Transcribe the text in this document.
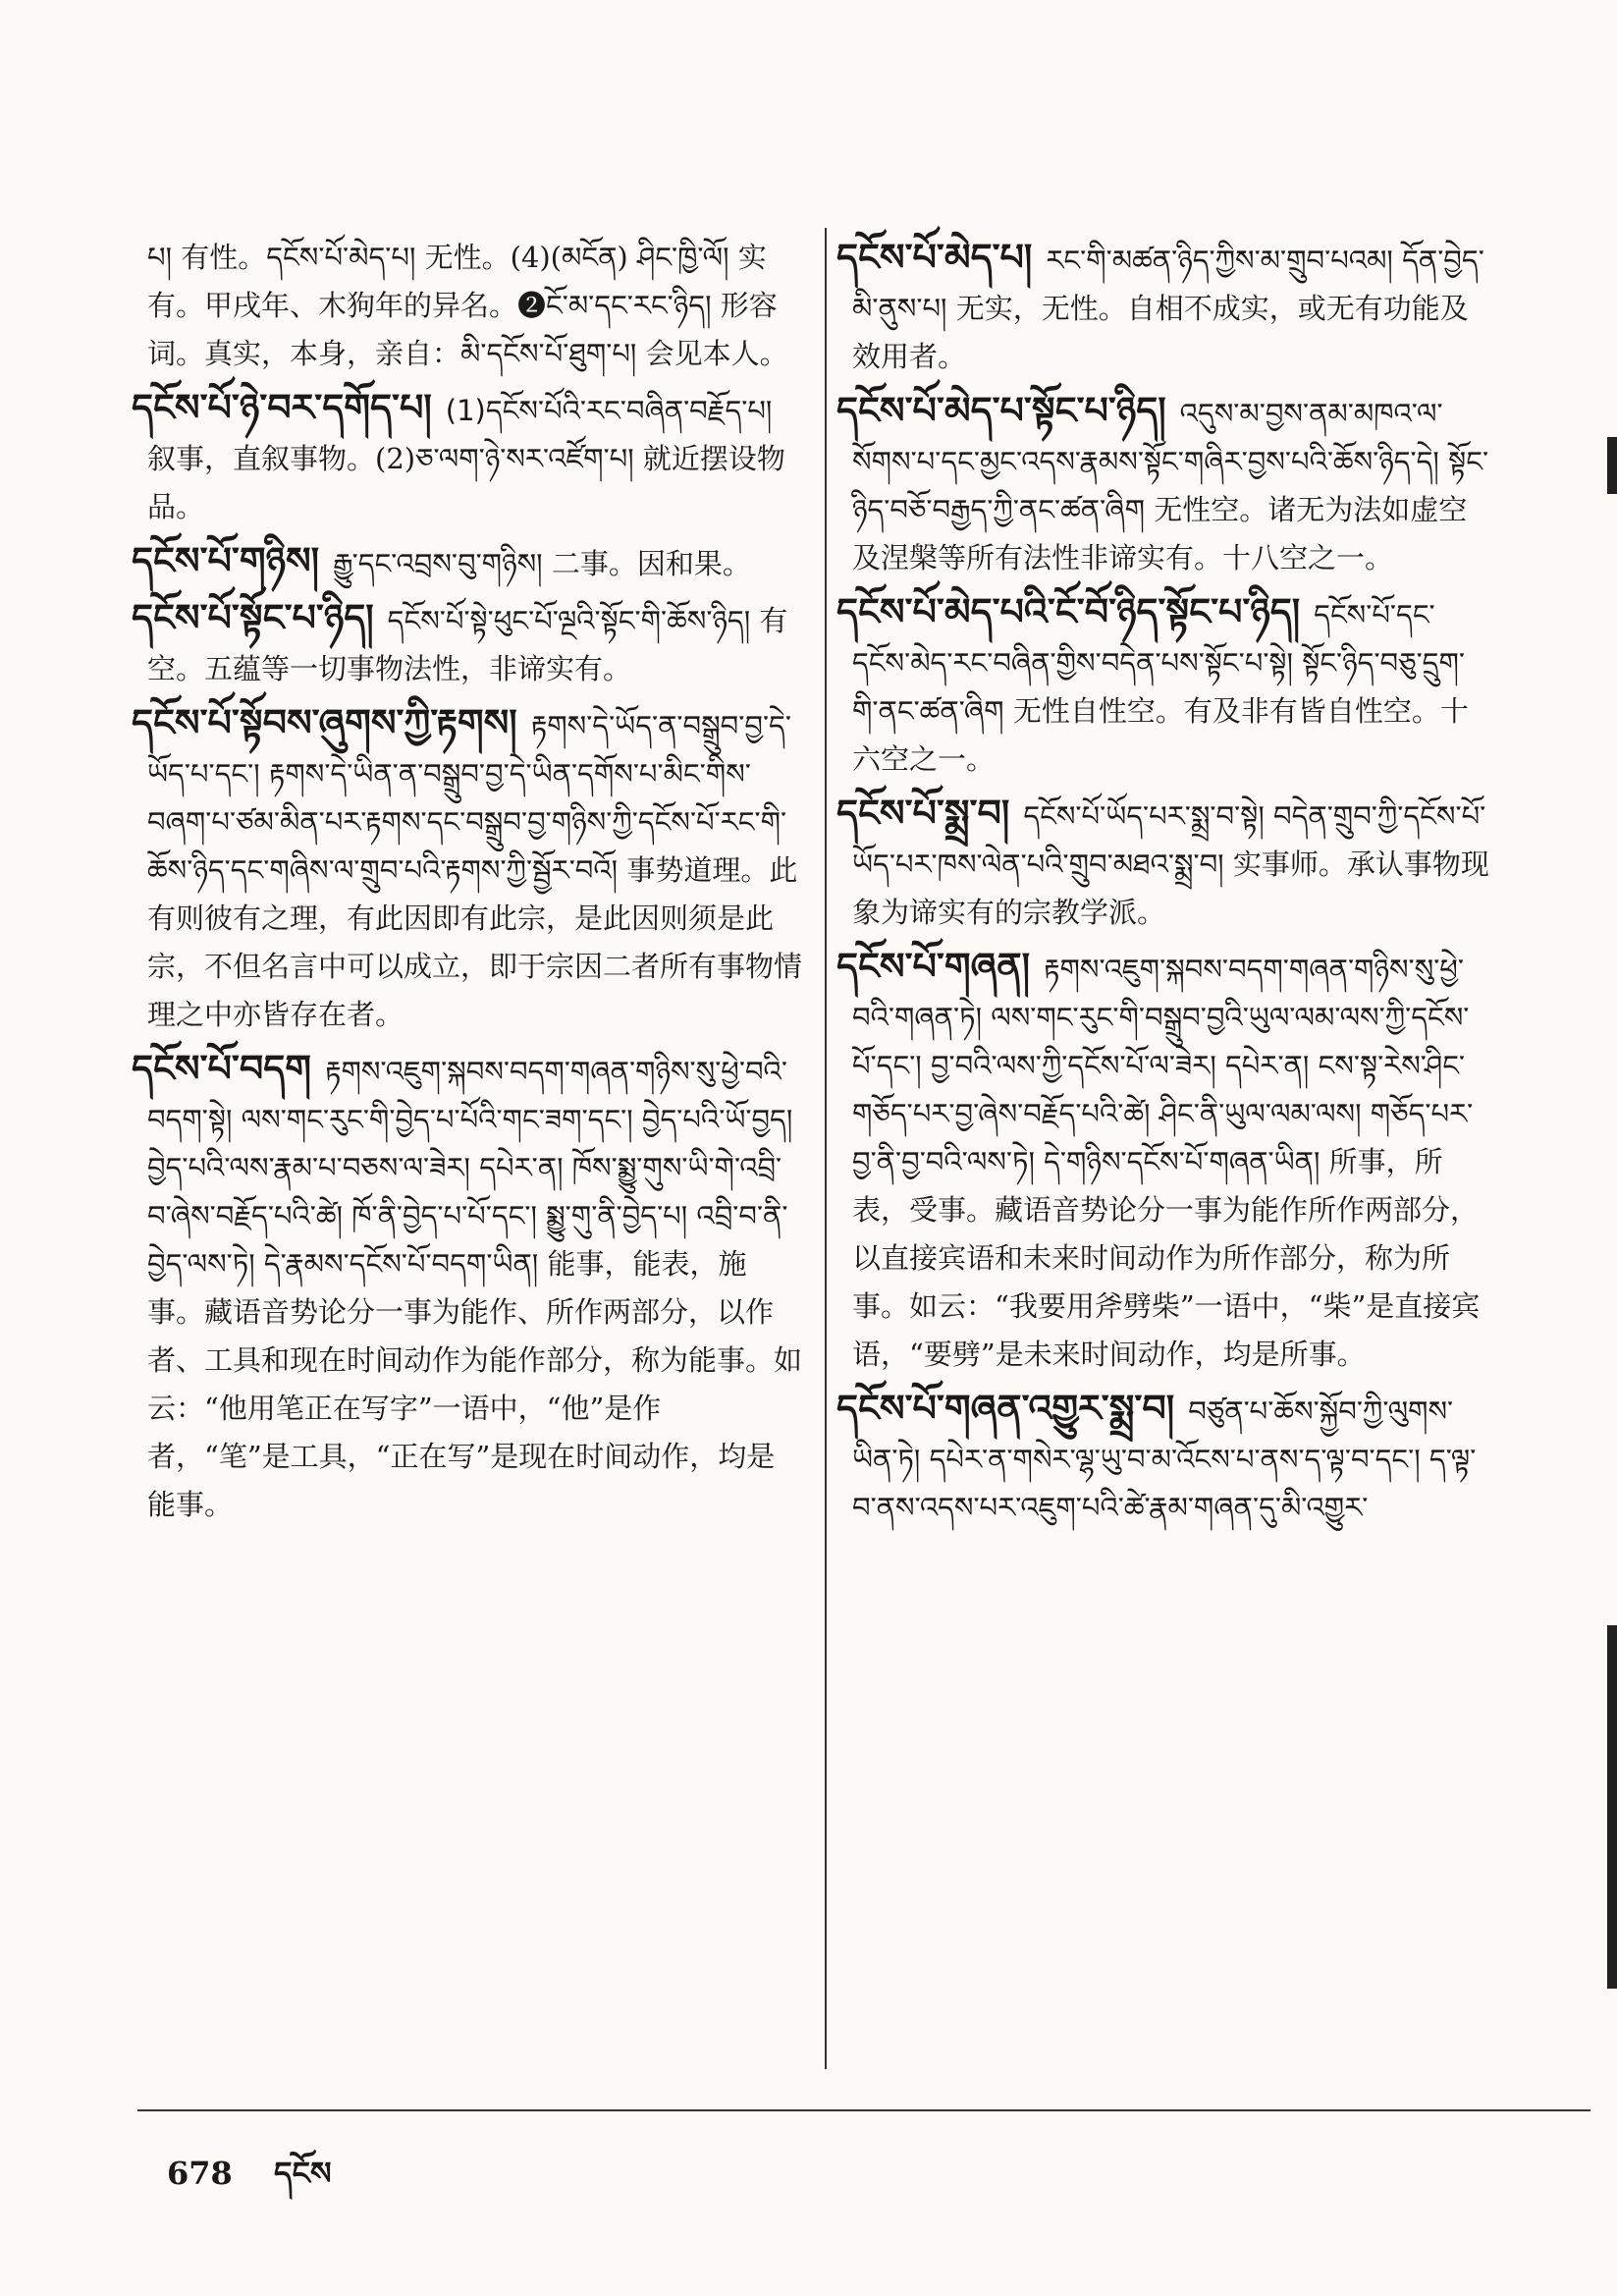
པ། 有性。དངོས་པོ་མེད་པ། 无性。(4)(མངོན) ཤིང་ཁྱི་ལོ། 实有。甲戌年、木狗年的异名。❷ངོ་མ་དང་རང་ཉིད། 形容词。真实，本身，亲自：མི་དངོས་པོ་ཐུག་པ། 会见本人。
དངོས་པོ་ཉེ་བར་དགོད་པ། (1)དངོས་པོའི་རང་བཞིན་བརྗོད་པ། 叙事，直叙事物。(2)ཅ་ལག་ཉེ་སར་འཛོག་པ། 就近摆设物品。
དངོས་པོ་གཉིས། རྒྱུ་དང་འབྲས་བུ་གཉིས། 二事。因和果。
དངོས་པོ་སྟོང་པ་ཉིད། དངོས་པོ་སྟེ་ཕུང་པོ་ལྔའི་སྟོང་གི་ཆོས་ཉིད། 有空。五蕴等一切事物法性，非谛实有。
དངོས་པོ་སྟོབས་ཞུགས་ཀྱི་རྟགས། རྟགས་དེ་ཡོད་ན་བསྒྲུབ་བྱ་དེ་ཡོད་པ་དང་། རྟགས་དེ་ཡིན་ན་བསྒྲུབ་བྱ་དེ་ཡིན་དགོས་པ་མིང་གིས་བཞག་པ་ཙམ་མིན་པར་རྟགས་དང་བསྒྲུབ་བྱ་གཉིས་ཀྱི་དངོས་པོ་རང་གི་ཆོས་ཉིད་དང་གཞིས་ལ་གྲུབ་པའི་རྟགས་ཀྱི་སྦྱོར་བའོ། 事势道理。此有则彼有之理，有此因即有此宗，是此因则须是此宗，不但名言中可以成立，即于宗因二者所有事物情理之中亦皆存在者。
དངོས་པོ་བདག རྟགས་འཇུག་སྐབས་བདག་གཞན་གཉིས་སུ་ཕྱེ་བའི་བདག་སྟེ། ལས་གང་རུང་གི་བྱེད་པ་པོའི་གང་ཟག་དང་། བྱེད་པའི་ཡོ་བྱད། བྱེད་པའི་ལས་རྣམ་པ་བཅས་ལ་ཟེར། དཔེར་ན། ཁོས་སྨྱུ་གུས་ཡི་གེ་འབྲི་བ་ཞེས་བརྗོད་པའི་ཚེ། ཁོ་ནི་བྱེད་པ་པོ་དང་། སྨྱུ་གུ་ནི་བྱེད་པ། འབྲི་བ་ནི་བྱེད་ལས་ཏེ། དེ་རྣམས་དངོས་པོ་བདག་ཡིན། 能事，能表，施事。藏语音势论分一事为能作、所作两部分，以作者、工具和现在时间动作为能作部分，称为能事。如云：“他用笔正在写字”一语中，“他”是作者，“笔”是工具，“正在写”是现在时间动作，均是能事。
དངོས་པོ་མེད་པ། རང་གི་མཚན་ཉིད་ཀྱིས་མ་གྲུབ་པའམ། དོན་བྱེད་མི་ནུས་པ། 无实，无性。自相不成实，或无有功能及效用者。
དངོས་པོ་མེད་པ་སྟོང་པ་ཉིད། འདུས་མ་བྱས་ནམ་མཁའ་ལ་སོགས་པ་དང་མྱང་འདས་རྣམས་སྟོང་གཞིར་བྱས་པའི་ཆོས་ཉིད་དེ། སྟོང་ཉིད་བཅོ་བརྒྱད་ཀྱི་ནང་ཚན་ཞིག 无性空。诸无为法如虚空及涅槃等所有法性非谛实有。十八空之一。
དངོས་པོ་མེད་པའི་ངོ་བོ་ཉིད་སྟོང་པ་ཉིད། དངོས་པོ་དང་དངོས་མེད་རང་བཞིན་གྱིས་བདེན་པས་སྟོང་པ་སྟེ། སྟོང་ཉིད་བཅུ་དྲུག་གི་ནང་ཚན་ཞིག 无性自性空。有及非有皆自性空。十六空之一。
དངོས་པོ་སྨྲ་བ། དངོས་པོ་ཡོད་པར་སྨྲ་བ་སྟེ། བདེན་གྲུབ་ཀྱི་དངོས་པོ་ཡོད་པར་ཁས་ལེན་པའི་གྲུབ་མཐའ་སྨྲ་བ། 实事师。承认事物现象为谛实有的宗教学派。
དངོས་པོ་གཞན། རྟགས་འཇུག་སྐབས་བདག་གཞན་གཉིས་སུ་ཕྱེ་བའི་གཞན་ཏེ། ལས་གང་རུང་གི་བསྒྲུབ་བྱའི་ཡུལ་ལམ་ལས་ཀྱི་དངོས་པོ་དང་། བྱ་བའི་ལས་ཀྱི་དངོས་པོ་ལ་ཟེར། དཔེར་ན། ངས་སྟ་རེས་ཤིང་གཅོད་པར་བྱ་ཞེས་བརྗོད་པའི་ཚེ། ཤིང་ནི་ཡུལ་ལམ་ལས། གཅོད་པར་བྱ་ནི་བྱ་བའི་ལས་ཏེ། དེ་གཉིས་དངོས་པོ་གཞན་ཡིན། 所事，所表，受事。藏语音势论分一事为能作所作两部分，以直接宾语和未来时间动作为所作部分，称为所事。如云：“我要用斧劈柴”一语中，“柴”是直接宾语，“要劈”是未来时间动作，均是所事。
དངོས་པོ་གཞན་འགྱུར་སྨྲ་བ། བཙུན་པ་ཆོས་སྐྱོབ་ཀྱི་ལུགས་ཡིན་ཏེ། དཔེར་ན་གསེར་ལྷ་ཡུ་བ་མ་འོངས་པ་ནས་ད་ལྟ་བ་དང་། ད་ལྟ་བ་ནས་འདས་པར་འཇུག་པའི་ཚེ་རྣམ་གཞན་དུ་མི་འགྱུར་
678 དངོས
